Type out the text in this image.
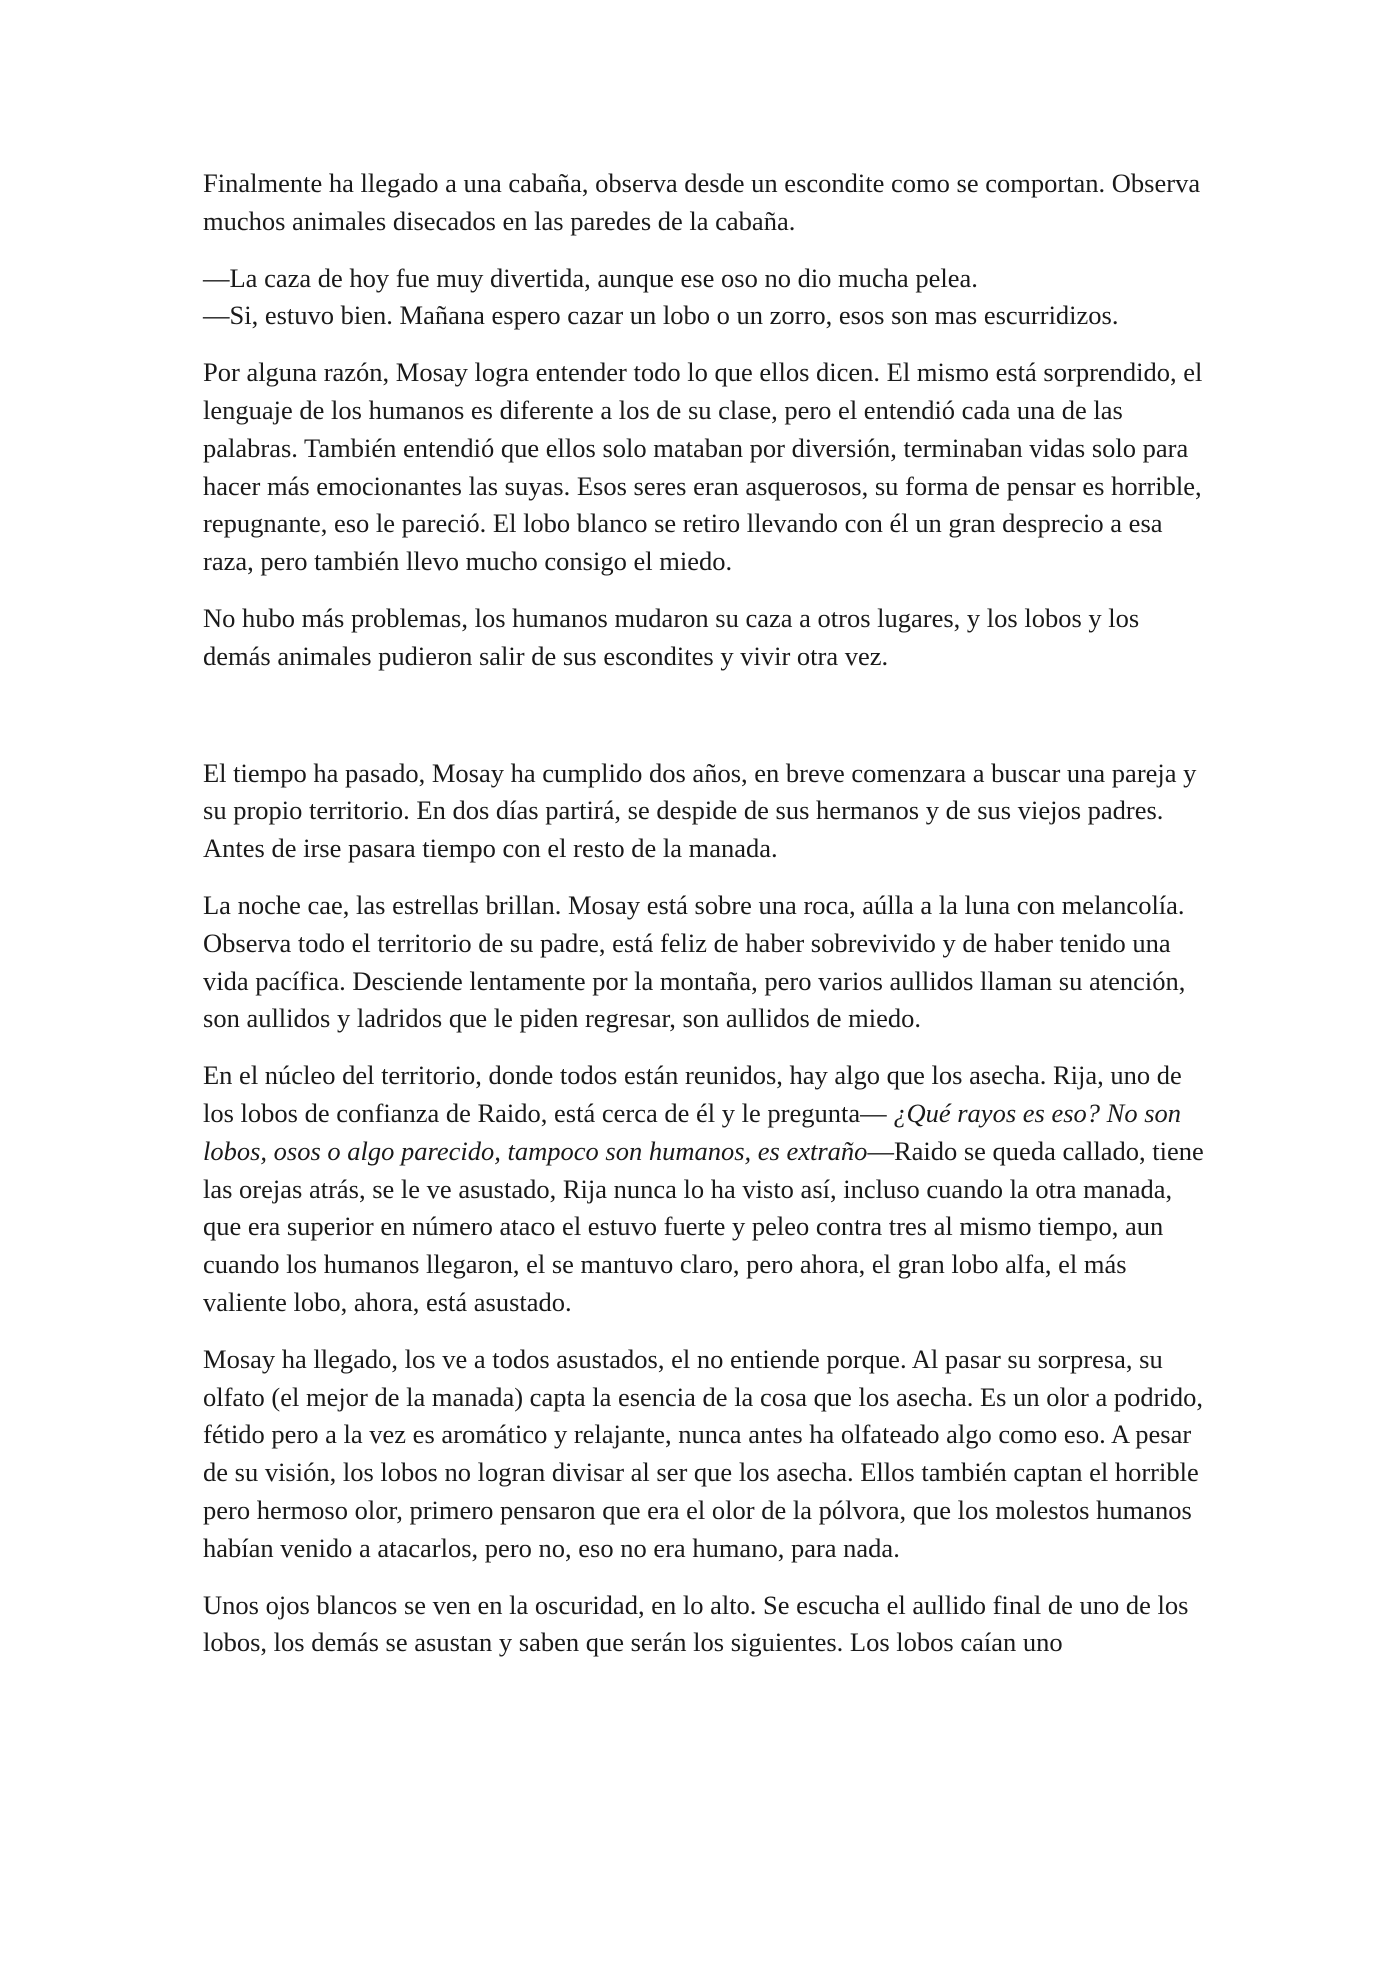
Finalmente ha llegado a una cabaña, observa desde un escondite como se comportan. Observa muchos animales disecados en las paredes de la cabaña.

—La caza de hoy fue muy divertida, aunque ese oso no dio mucha pelea.
—Si, estuvo bien. Mañana espero cazar un lobo o un zorro, esos son mas escurridizos.

Por alguna razón, Mosay logra entender todo lo que ellos dicen. El mismo está sorprendido, el lenguaje de los humanos es diferente a los de su clase, pero el entendió cada una de las palabras. También entendió que ellos solo mataban por diversión, terminaban vidas solo para hacer más emocionantes las suyas. Esos seres eran asquerosos, su forma de pensar es horrible, repugnante, eso le pareció. El lobo blanco se retiro llevando con él un gran desprecio a esa raza, pero también llevo mucho consigo el miedo.

No hubo más problemas, los humanos mudaron su caza a otros lugares, y los lobos y los demás animales pudieron salir de sus escondites y vivir otra vez.

El tiempo ha pasado, Mosay ha cumplido dos años, en breve comenzara a buscar una pareja y su propio territorio. En dos días partirá, se despide de sus hermanos y de sus viejos padres. Antes de irse pasara tiempo con el resto de la manada.

La noche cae, las estrellas brillan. Mosay está sobre una roca, aúlla a la luna con melancolía. Observa todo el territorio de su padre, está feliz de haber sobrevivido y de haber tenido una vida pacífica. Desciende lentamente por la montaña, pero varios aullidos llaman su atención, son aullidos y ladridos que le piden regresar, son aullidos de miedo.

En el núcleo del territorio, donde todos están reunidos, hay algo que los asecha. Rija, uno de los lobos de confianza de Raido, está cerca de él y le pregunta— ¿Qué rayos es eso? No son lobos, osos o algo parecido, tampoco son humanos, es extraño—Raido se queda callado, tiene las orejas atrás, se le ve asustado, Rija nunca lo ha visto así, incluso cuando la otra manada, que era superior en número ataco el estuvo fuerte y peleo contra tres al mismo tiempo, aun cuando los humanos llegaron, el se mantuvo claro, pero ahora, el gran lobo alfa, el más valiente lobo, ahora, está asustado.

Mosay ha llegado, los ve a todos asustados, el no entiende porque. Al pasar su sorpresa, su olfato (el mejor de la manada) capta la esencia de la cosa que los asecha. Es un olor a podrido, fétido pero a la vez es aromático y relajante, nunca antes ha olfateado algo como eso. A pesar de su visión, los lobos no logran divisar al ser que los asecha. Ellos también captan el horrible pero hermoso olor, primero pensaron que era el olor de la pólvora, que los molestos humanos habían venido a atacarlos, pero no, eso no era humano, para nada.

Unos ojos blancos se ven en la oscuridad, en lo alto. Se escucha el aullido final de uno de los lobos, los demás se asustan y saben que serán los siguientes. Los lobos caían uno
